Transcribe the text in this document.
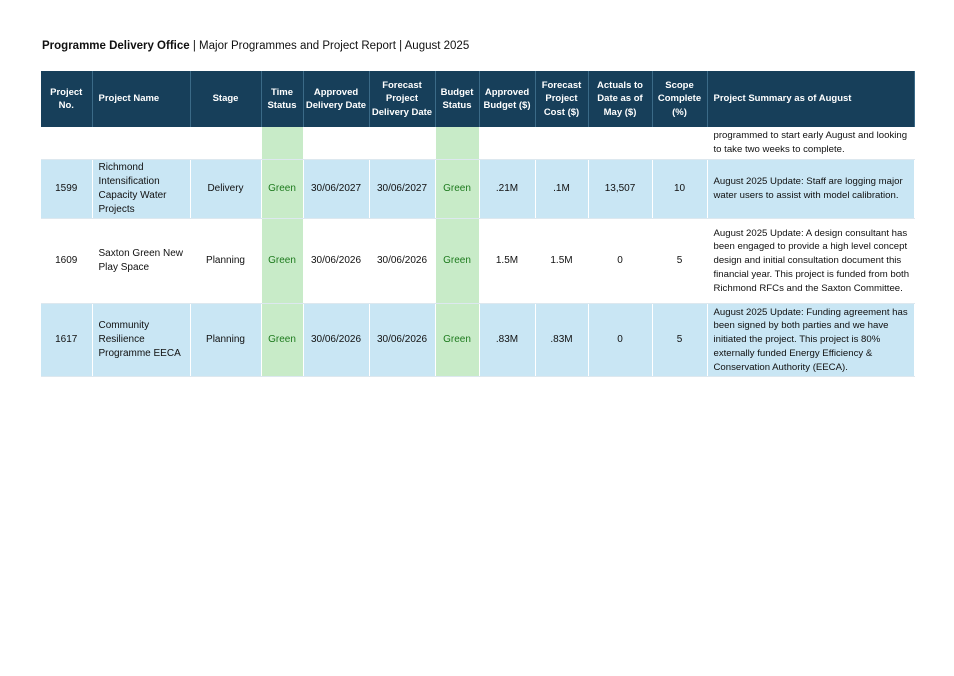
Programme Delivery Office | Major Programmes and Project Report | August 2025
Project No.	Project Name	Stage	Time Status	Approved Delivery Date	Forecast Project Delivery Date	Budget Status	Approved Budget ($)	Forecast Project Cost ($)	Actuals to Date as of May ($)	Scope Complete (%)	Project Summary as of August
											programmed to start early August and looking to take two weeks to complete.
1599	Richmond Intensification Capacity Water Projects	Delivery	Green	30/06/2027	30/06/2027	Green	.21M	.1M	13,507	10	August 2025 Update: Staff are logging major water users to assist with model calibration.
1609	Saxton Green New Play Space	Planning	Green	30/06/2026	30/06/2026	Green	1.5M	1.5M	0	5	August 2025 Update: A design consultant has been engaged to provide a high level concept design and initial consultation document this financial year. This project is funded from both Richmond RFCs and the Saxton Committee.
1617	Community Resilience Programme EECA	Planning	Green	30/06/2026	30/06/2026	Green	.83M	.83M	0	5	August 2025 Update: Funding agreement has been signed by both parties and we have initiated the project. This project is 80% externally funded Energy Efficiency & Conservation Authority (EECA).
